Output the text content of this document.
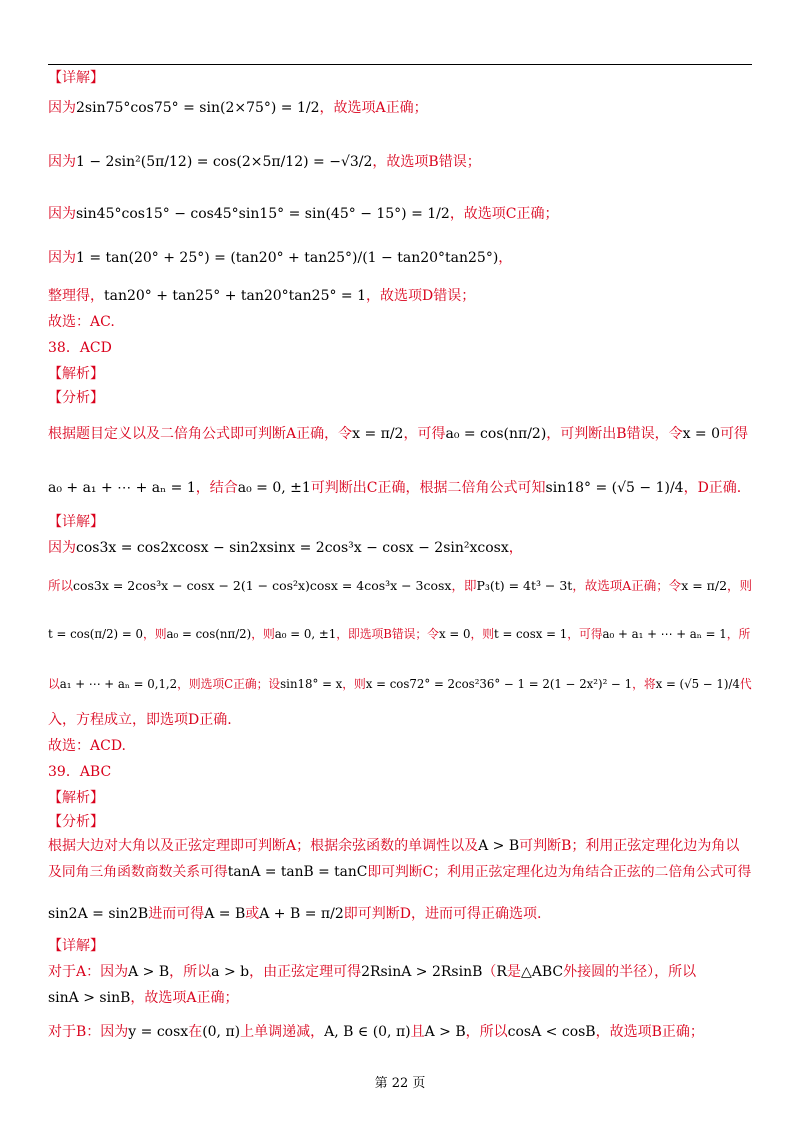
【详解】
因为2sin75°cos75° = sin(2×75°) = 1/2，故选项A正确；
因为1 − 2sin²(5π/12) = cos(2×5π/12) = −√3/2，故选项B错误；
因为sin45°cos15° − cos45°sin15° = sin(45° − 15°) = 1/2，故选项C正确；
因为1 = tan(20° + 25°) = (tan20° + tan25°)/(1 − tan20°tan25°)，
整理得，tan20° + tan25° + tan20°tan25° = 1，故选项D错误；
故选：AC.
38．ACD
【解析】
【分析】
根据题目定义以及二倍角公式即可判断A正确，令x = π/2，可得a₀ = cos(nπ/2)，可判断出B错误，令x = 0可得
a₀ + a₁ + ⋯ + aₙ = 1，结合a₀ = 0, ±1可判断出C正确，根据二倍角公式可知sin18° = (√5 − 1)/4，D正确.
【详解】
因为cos3x = cos2xcosx − sin2xsinx = 2cos³x − cosx − 2sin²xcosx，
所以cos3x = 2cos³x − cosx − 2(1 − cos²x)cosx = 4cos³x − 3cosx，即P₃(t) = 4t³ − 3t，故选项A正确；令x = π/2，则
t = cos(π/2) = 0，则a₀ = cos(nπ/2)，则a₀ = 0, ±1，即选项B错误；令x = 0，则t = cosx = 1，可得a₀ + a₁ + ⋯ + aₙ = 1，所
以a₁ + ⋯ + aₙ = 0,1,2，则选项C正确；设sin18° = x，则x = cos72° = 2cos²36° − 1 = 2(1 − 2x²)² − 1，将x = (√5 − 1)/4代
入，方程成立，即选项D正确.
故选：ACD.
39．ABC
【解析】
【分析】
根据大边对大角以及正弦定理即可判断A；根据余弦函数的单调性以及A > B可判断B；利用正弦定理化边为角以
及同角三角函数商数关系可得tanA = tanB = tanC即可判断C；利用正弦定理化边为角结合正弦的二倍角公式可得
sin2A = sin2B进而可得A = B或A + B = π/2即可判断D，进而可得正确选项.
【详解】
对于A：因为A > B，所以a > b，由正弦定理可得2RsinA > 2RsinB（R是△ABC外接圆的半径），所以
sinA > sinB，故选项A正确；
对于B：因为y = cosx在(0, π)上单调递减，A, B ∈ (0, π)且A > B，所以cosA < cosB，故选项B正确；
第 22 页
